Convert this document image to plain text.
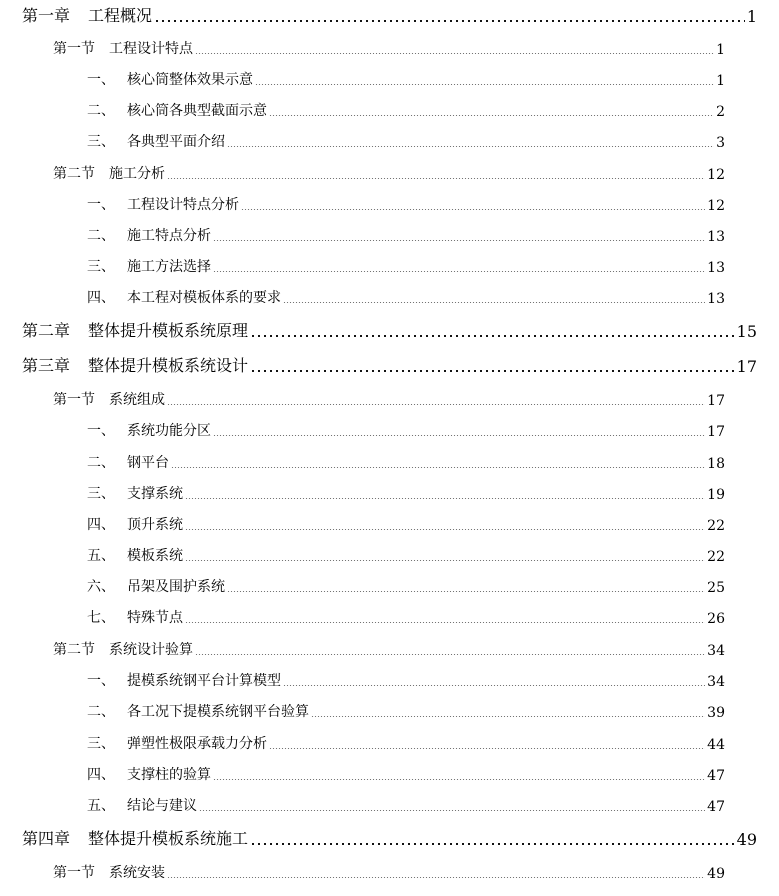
第一章	工程概况	1
第一节	工程设计特点	1
一、 核心筒整体效果示意	1
二、 核心筒各典型截面示意	2
三、 各典型平面介绍	3
第二节	施工分析	12
一、 工程设计特点分析	12
二、 施工特点分析	13
三、 施工方法选择	13
四、 本工程对模板体系的要求	13
第二章	整体提升模板系统原理	15
第三章	整体提升模板系统设计	17
第一节	系统组成	17
一、 系统功能分区	17
二、 钢平台	18
三、 支撑系统	19
四、 顶升系统	22
五、 模板系统	22
六、 吊架及围护系统	25
七、 特殊节点	26
第二节	系统设计验算	34
一、 提模系统钢平台计算模型	34
二、 各工况下提模系统钢平台验算	39
三、 弹塑性极限承载力分析	44
四、 支撑柱的验算	47
五、 结论与建议	47
第四章	整体提升模板系统施工	49
第一节	系统安装	49
